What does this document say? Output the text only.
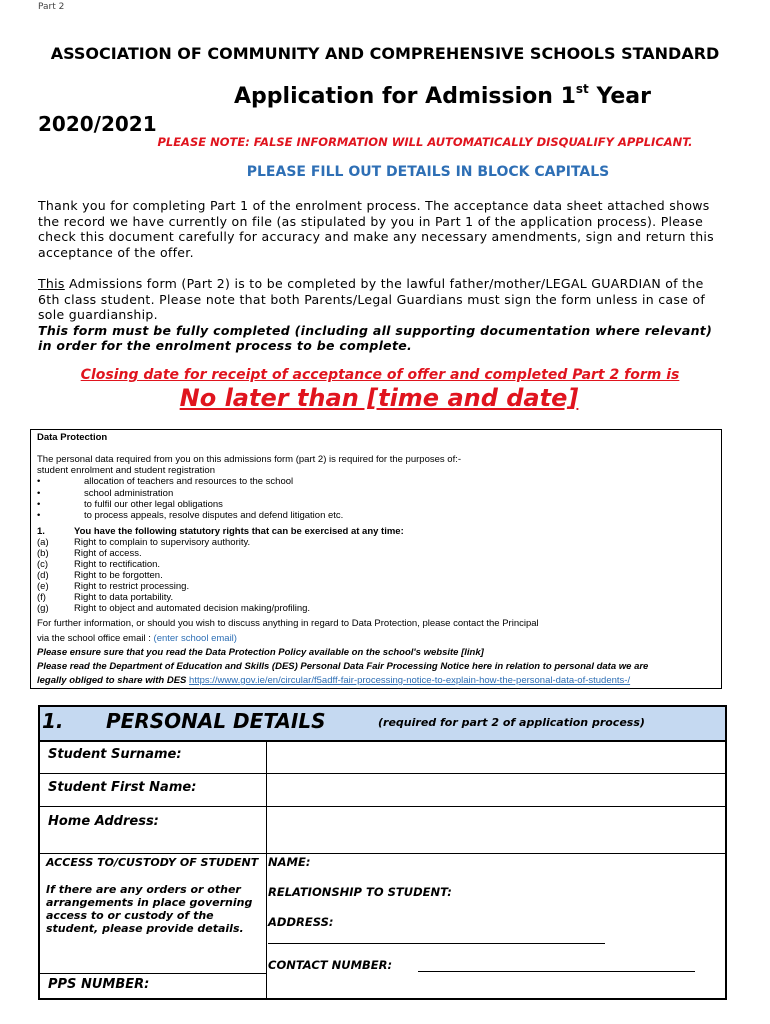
Part 2
ASSOCIATION OF COMMUNITY AND COMPREHENSIVE SCHOOLS STANDARD
Application for Admission 1st Year
2020/2021
PLEASE NOTE: FALSE INFORMATION WILL AUTOMATICALLY DISQUALIFY APPLICANT.
PLEASE FILL OUT DETAILS IN BLOCK CAPITALS
Thank you for completing Part 1 of the enrolment process. The acceptance data sheet attached shows the record we have currently on file (as stipulated by you in Part 1 of the application process). Please check this document carefully for accuracy and make any necessary amendments, sign and return this acceptance of the offer.
This Admissions form (Part 2) is to be completed by the lawful father/mother/LEGAL GUARDIAN of the 6th class student. Please note that both Parents/Legal Guardians must sign the form unless in case of sole guardianship.
This form must be fully completed (including all supporting documentation where relevant) in order for the enrolment process to be complete.
Closing date for receipt of acceptance of offer and completed Part 2 form is
No later than [time and date]
Data Protection
The personal data required from you on this admissions form (part 2) is required for the purposes of:-
student enrolment and student registration
•	allocation of teachers and resources to the school
•	school administration
•	to fulfil our other legal obligations
•	to process appeals, resolve disputes and defend litigation etc.
1.	You have the following statutory rights that can be exercised at any time:
(a)	Right to complain to supervisory authority.
(b)	Right of access.
(c)	Right to rectification.
(d)	Right to be forgotten.
(e)	Right to restrict processing.
(f)	Right to data portability.
(g)	Right to object and automated decision making/profiling.
For further information, or should you wish to discuss anything in regard to Data Protection, please contact the Principal
via the school office email : (enter school email)
Please ensure sure that you read the Data Protection Policy available on the school's website [link]
Please read the Department of Education and Skills (DES) Personal Data Fair Processing Notice here in relation to personal data we are
legally obliged to share with DES https://www.gov.ie/en/circular/f5adff-fair-processing-notice-to-explain-how-the-personal-data-of-students-/
1. PERSONAL DETAILS	(required for part 2 of application process)
Student Surname:
Student First Name:
Home Address:
ACCESS TO/CUSTODY OF STUDENT
If there are any orders or other arrangements in place governing access to or custody of the student, please provide details.
NAME:
RELATIONSHIP TO STUDENT:
ADDRESS:
CONTACT NUMBER:
PPS NUMBER:
